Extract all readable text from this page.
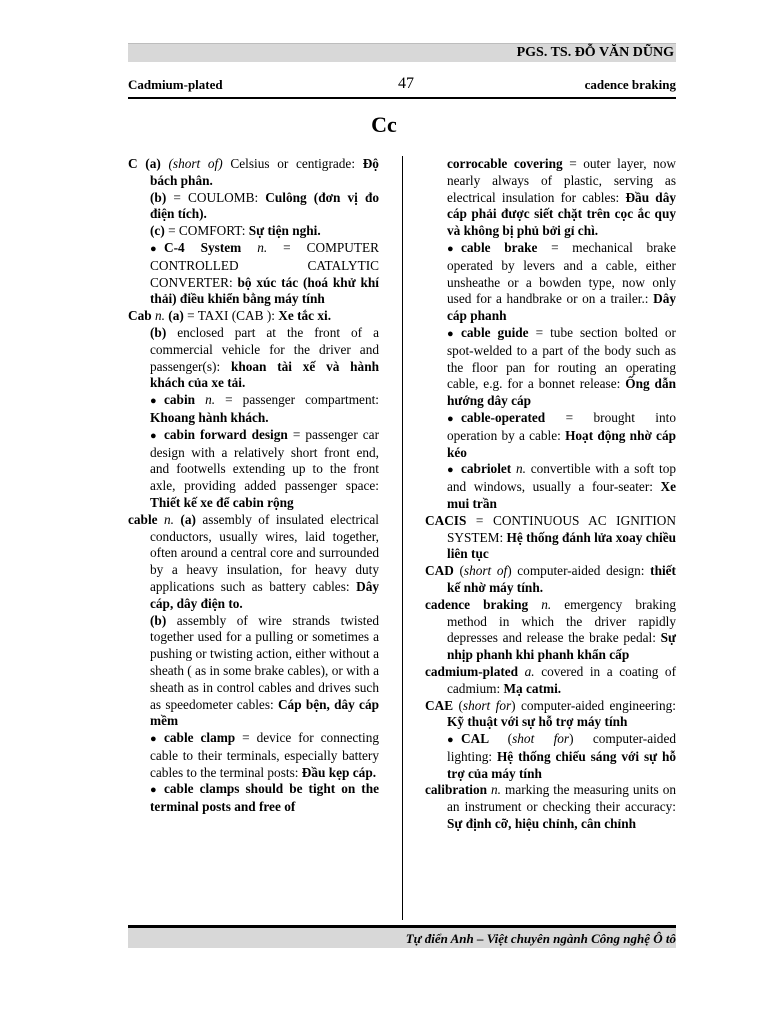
PGS. TS. ĐỖ VĂN DŨNG
Cadmium-plated	47	cadence braking
Cc

C (a) (short of) Celsius or centigrade: Độ bách phân.

(b) = COULOMB: Culông (đơn vị đo điện tích).

(c) = COMFORT: Sự tiện nghi.

● C-4 System n. = COMPUTER CONTROLLED CATALYTIC CONVERTER: bộ xúc tác (hoá khử khí thải) điều khiển bằng máy tính

Cab n. (a) = TAXI (CAB ): Xe tắc xi.

(b) enclosed part at the front of a commercial vehicle for the driver and passenger(s): khoan tài xế và hành khách của xe tải.

● cabin n. = passenger compartment: Khoang hành khách.

● cabin forward design = passenger car design with a relatively short front end, and footwells extending up to the front axle, providing added passenger space: Thiết kế xe để cabin rộng

cable n. (a) assembly of insulated electrical conductors, usually wires, laid together, often around a central core and surrounded by a heavy insulation, for heavy duty applications such as battery cables: Dây cáp, dây điện to.

(b) assembly of wire strands twisted together used for a pulling or sometimes a pushing or twisting action, either without a sheath ( as in some brake cables), or with a sheath as in control cables and drives such as speedometer cables: Cáp bện, dây cáp mềm

● cable clamp = device for connecting cable to their terminals, especially battery cables to the terminal posts: Đầu kẹp cáp.

● cable clamps should be tight on the terminal posts and free of

corrocable covering = outer layer, now nearly always of plastic, serving as electrical insulation for cables: Đầu dây cáp phải được siết chặt trên cọc ắc quy và không bị phủ bởi gỉ chì.

● cable brake = mechanical brake operated by levers and a cable, either unsheathe or a bowden type, now only used for a handbrake or on a trailer.: Dây cáp phanh

● cable guide = tube section bolted or spot-welded to a part of the body such as the floor pan for routing an operating cable, e.g. for a bonnet release: Ống dẫn hướng dây cáp

● cable-operated = brought into operation by a cable: Hoạt động nhờ cáp kéo

● cabriolet n. convertible with a soft top and windows, usually a four-seater: Xe mui trần

CACIS = CONTINUOUS AC IGNITION SYSTEM: Hệ thống đánh lửa xoay chiều liên tục

CAD (short of) computer-aided design: thiết kế nhờ máy tính.

cadence braking n. emergency braking method in which the driver rapidly depresses and release the brake pedal: Sự nhịp phanh khi phanh khẩn cấp

cadmium-plated a. covered in a coating of cadmium: Mạ catmi.

CAE (short for) computer-aided engineering: Kỹ thuật với sự hỗ trợ máy tính

● CAL (shot for) computer-aided lighting: Hệ thống chiếu sáng với sự hỗ trợ của máy tính

calibration n. marking the measuring units on an instrument or checking their accuracy: Sự định cỡ, hiệu chỉnh, cân chỉnh

Tự điển Anh – Việt chuyên ngành Công nghệ Ô tô
